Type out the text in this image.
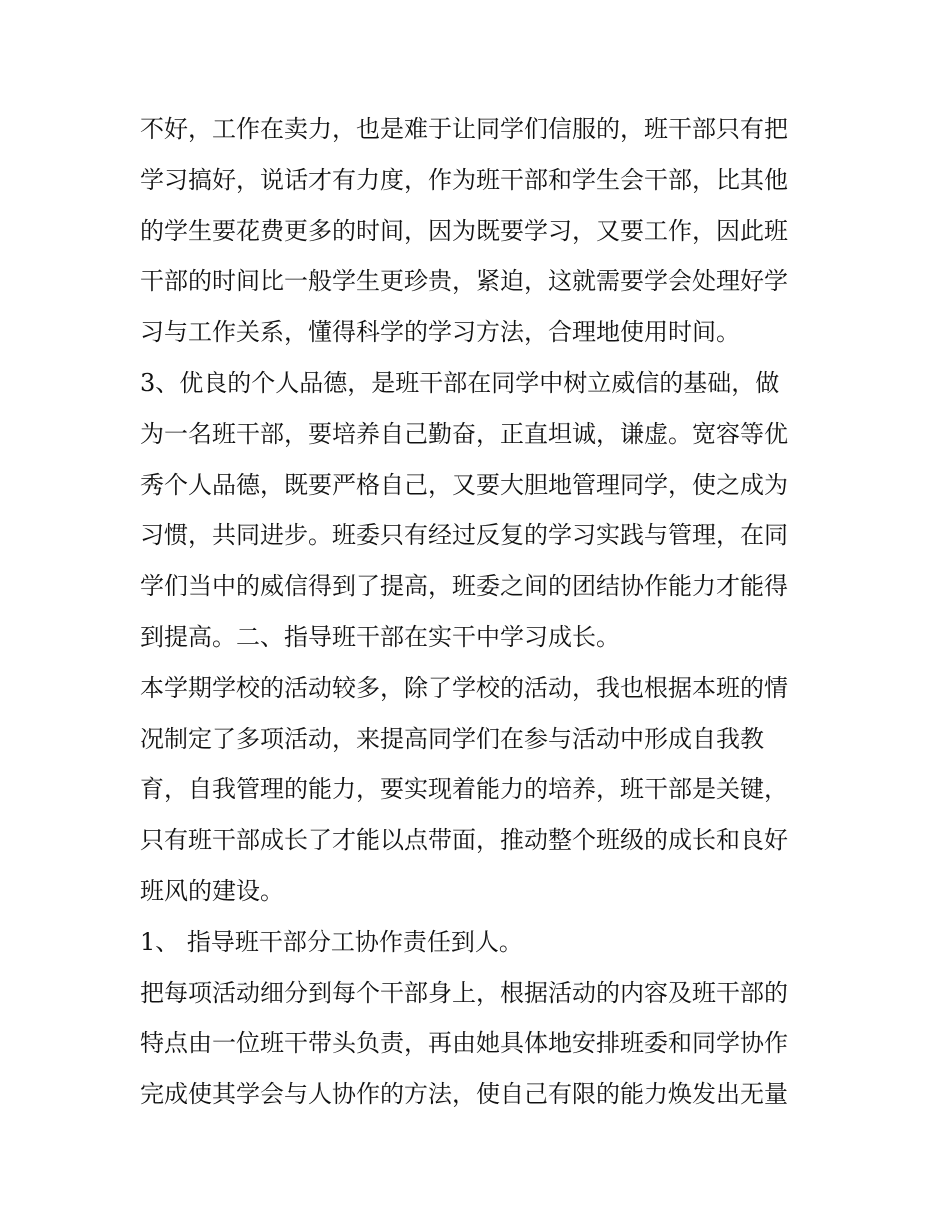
不好，工作在卖力，也是难于让同学们信服的，班干部只有把
学习搞好，说话才有力度，作为班干部和学生会干部，比其他
的学生要花费更多的时间，因为既要学习，又要工作，因此班
干部的时间比一般学生更珍贵，紧迫，这就需要学会处理好学
习与工作关系，懂得科学的学习方法，合理地使用时间。
3、优良的个人品德，是班干部在同学中树立威信的基础，做
为一名班干部，要培养自己勤奋，正直坦诚，谦虚。宽容等优
秀个人品德，既要严格自己，又要大胆地管理同学，使之成为
习惯，共同进步。班委只有经过反复的学习实践与管理，在同
学们当中的威信得到了提高，班委之间的团结协作能力才能得
到提高。二、指导班干部在实干中学习成长。
本学期学校的活动较多，除了学校的活动，我也根据本班的情
况制定了多项活动，来提高同学们在参与活动中形成自我教
育，自我管理的能力，要实现着能力的培养，班干部是关键，
只有班干部成长了才能以点带面，推动整个班级的成长和良好
班风的建设。
1、 指导班干部分工协作责任到人。
把每项活动细分到每个干部身上，根据活动的内容及班干部的
特点由一位班干带头负责，再由她具体地安排班委和同学协作
完成使其学会与人协作的方法，使自己有限的能力焕发出无量
